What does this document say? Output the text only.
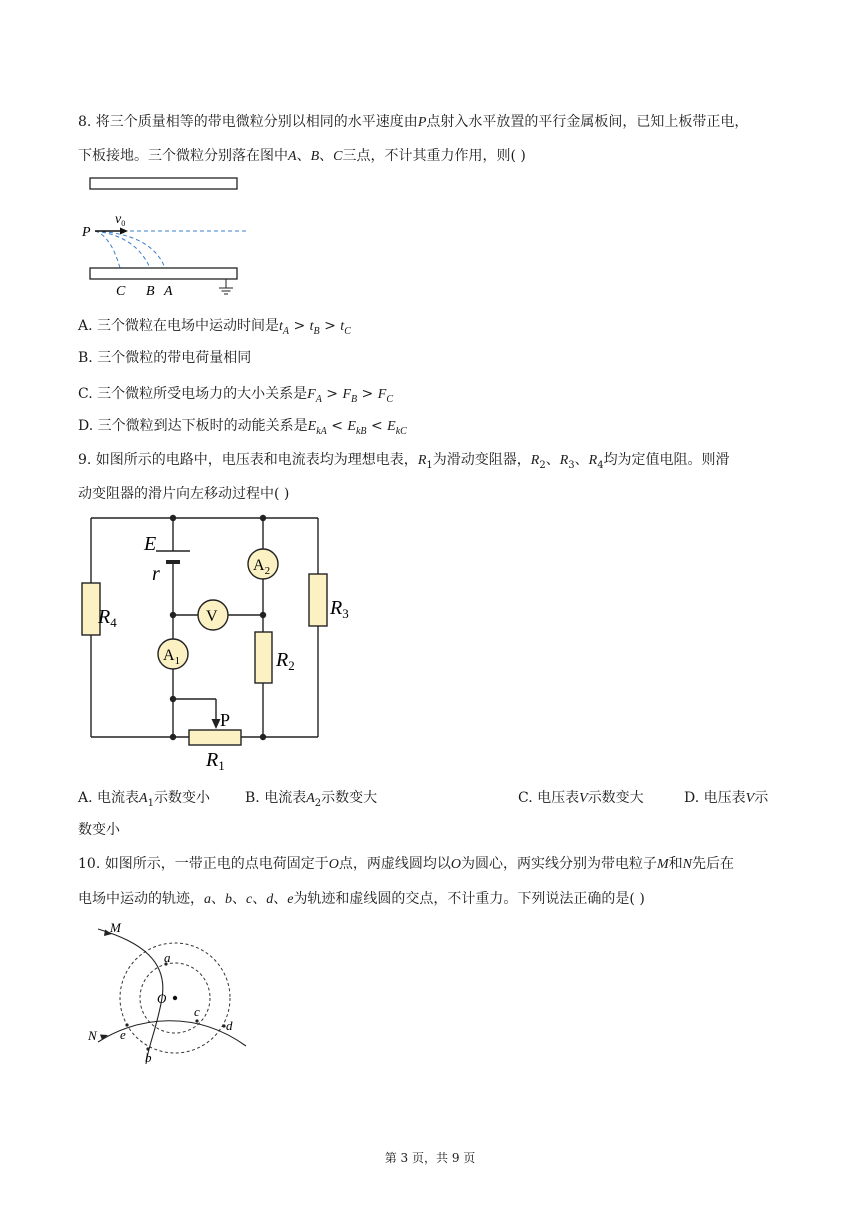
8. 将三个质量相等的带电微粒分别以相同的水平速度由P点射入水平放置的平行金属板间，已知上板带正电，
下板接地。三个微粒分别落在图中A、B、C三点，不计其重力作用，则( )
P
$v_0$
C B A
A. 三个微粒在电场中运动时间是$t_A > t_B > t_C$
B. 三个微粒的带电荷量相同
C. 三个微粒所受电场力的大小关系是$F_A > F_B > F_C$
D. 三个微粒到达下板时的动能关系是$E_{kA} < E_{kB} < E_{kC}$
9. 如图所示的电路中，电压表和电流表均为理想电表，$R_1$为滑动变阻器，$R_2$、$R_3$、$R_4$均为定值电阻。则滑
动变阻器的滑片向左移动过程中( )
E
r	$A_2$
V
$A_1$
$R_4$
$R_3$
$R_2$
P
$R_1$
A. 电流表$A_1$示数变小	B. 电流表$A_2$示数变大	C. 电压表V示数变大	D. 电压表V示
数变小
10. 如图所示，一带正电的点电荷固定于O点，两虚线圆均以O为圆心，两实线分别为带电粒子M和N先后在
电场中运动的轨迹，a、b、c、d、e为轨迹和虚线圆的交点，不计重力。下列说法正确的是( )
M
N
O
a
b
c
d
e
第 3 页，共 9 页
